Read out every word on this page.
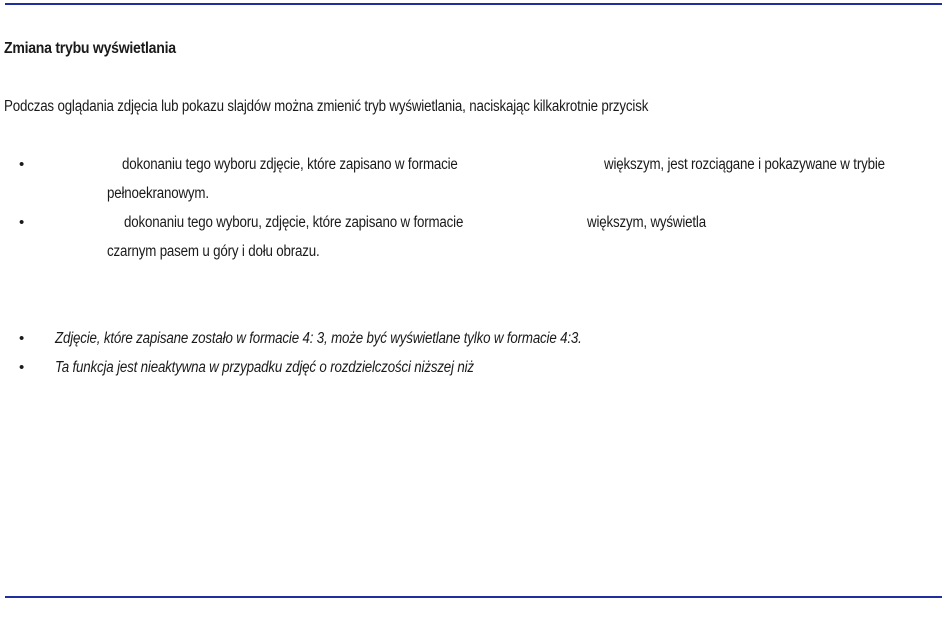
Zmiana trybu wyświetlania
Podczas oglądania zdjęcia lub pokazu slajdów można zmienić tryb wyświetlania, naciskając kilkakrotnie przycisk
•	dokonaniu tego wyboru zdjęcie, które zapisano w formacie	większym, jest rozciągane i pokazywane w trybie
pełnoekranowym.
•	dokonaniu tego wyboru, zdjęcie, które zapisano w formacie	większym, wyświetla
czarnym pasem u góry i dołu obrazu.
• Zdjęcie, które zapisane zostało w formacie 4: 3, może być wyświetlane tylko w formacie 4:3.
• Ta funkcja jest nieaktywna w przypadku zdjęć o rozdzielczości niższej niż
